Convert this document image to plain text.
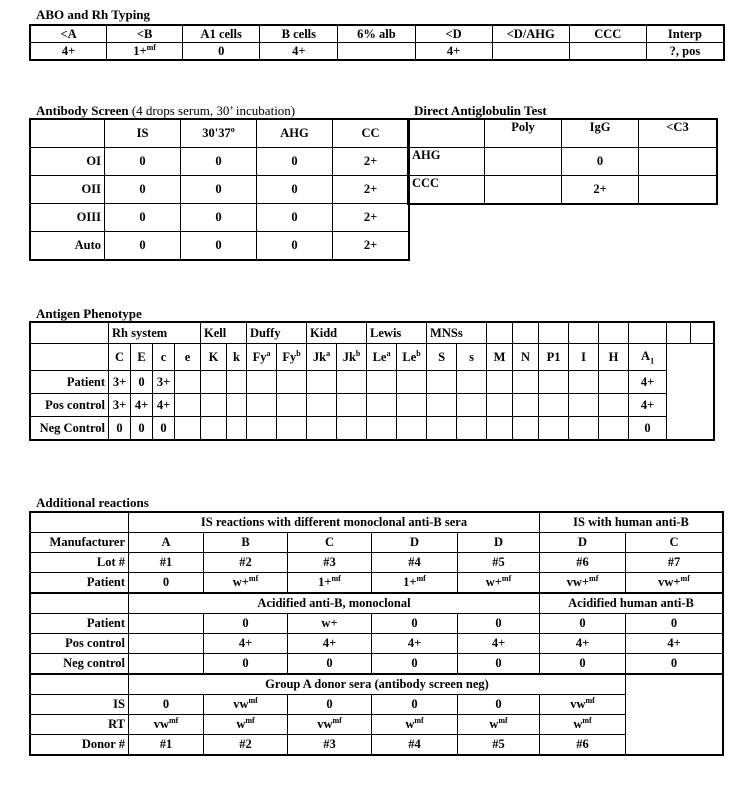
ABO and Rh Typing
<A	<B	A1 cells	B cells	6% alb	<D	<D/AHG	CCC	Interp
4+	1+$^{mf}$	0	4+		4+			?, pos
Antibody Screen (4 drops serum, 30’ incubation)
	IS	30'37$^o$	AHG	CC
OI	0	0	0	2+
OII	0	0	0	2+
OIII	0	0	0	2+
Auto	0	0	0	2+
Direct Antiglobulin Test
	Poly	IgG	<C3
AHG		0	
CCC		2+	
Antigen Phenotype
	Rh system				Kell		Duffy		Kidd		Lewis		MNSs									
	C	E	c	e	K	k	Fy$^a$	Fy$^b$	Jk$^a$	Jk$^b$	Le$^a$	Le$^b$	S	s	M	N	P1	I	H	$A_1$
Patient	3+	0	3+																	4+		
Pos control	3+	4+	4+																	4+		
Neg Control	0	0	0																	0		
Additional reactions
	IS reactions with different monoclonal anti-B sera					IS with human anti-B	
Manufacturer	A	B	C	D	D	D	C
Lot #	#1	#2	#3	#4	#5	#6	#7
Patient	0	w+$^{mf}$	1+$^{mf}$	1+$^{mf}$	w+$^{mf}$	vw+$^{mf}$	vw+$^{mf}$
	Acidified anti-B, monoclonal					Acidified human anti-B	
Patient		0	w+	0	0	0	0
Pos control		4+	4+	4+	4+	4+	4+
Neg control		0	0	0	0	0	0
	Group A donor sera (antibody screen neg)						
IS	0	$vw^{mf}$	0	0	0	$vw^{mf}$	
RT	$vw^{mf}$	$w^{mf}$	$vw^{mf}$	$w^{mf}$	$w^{mf}$	$w^{mf}$	
Donor #	#1	#2	#3	#4	#5	#6	
